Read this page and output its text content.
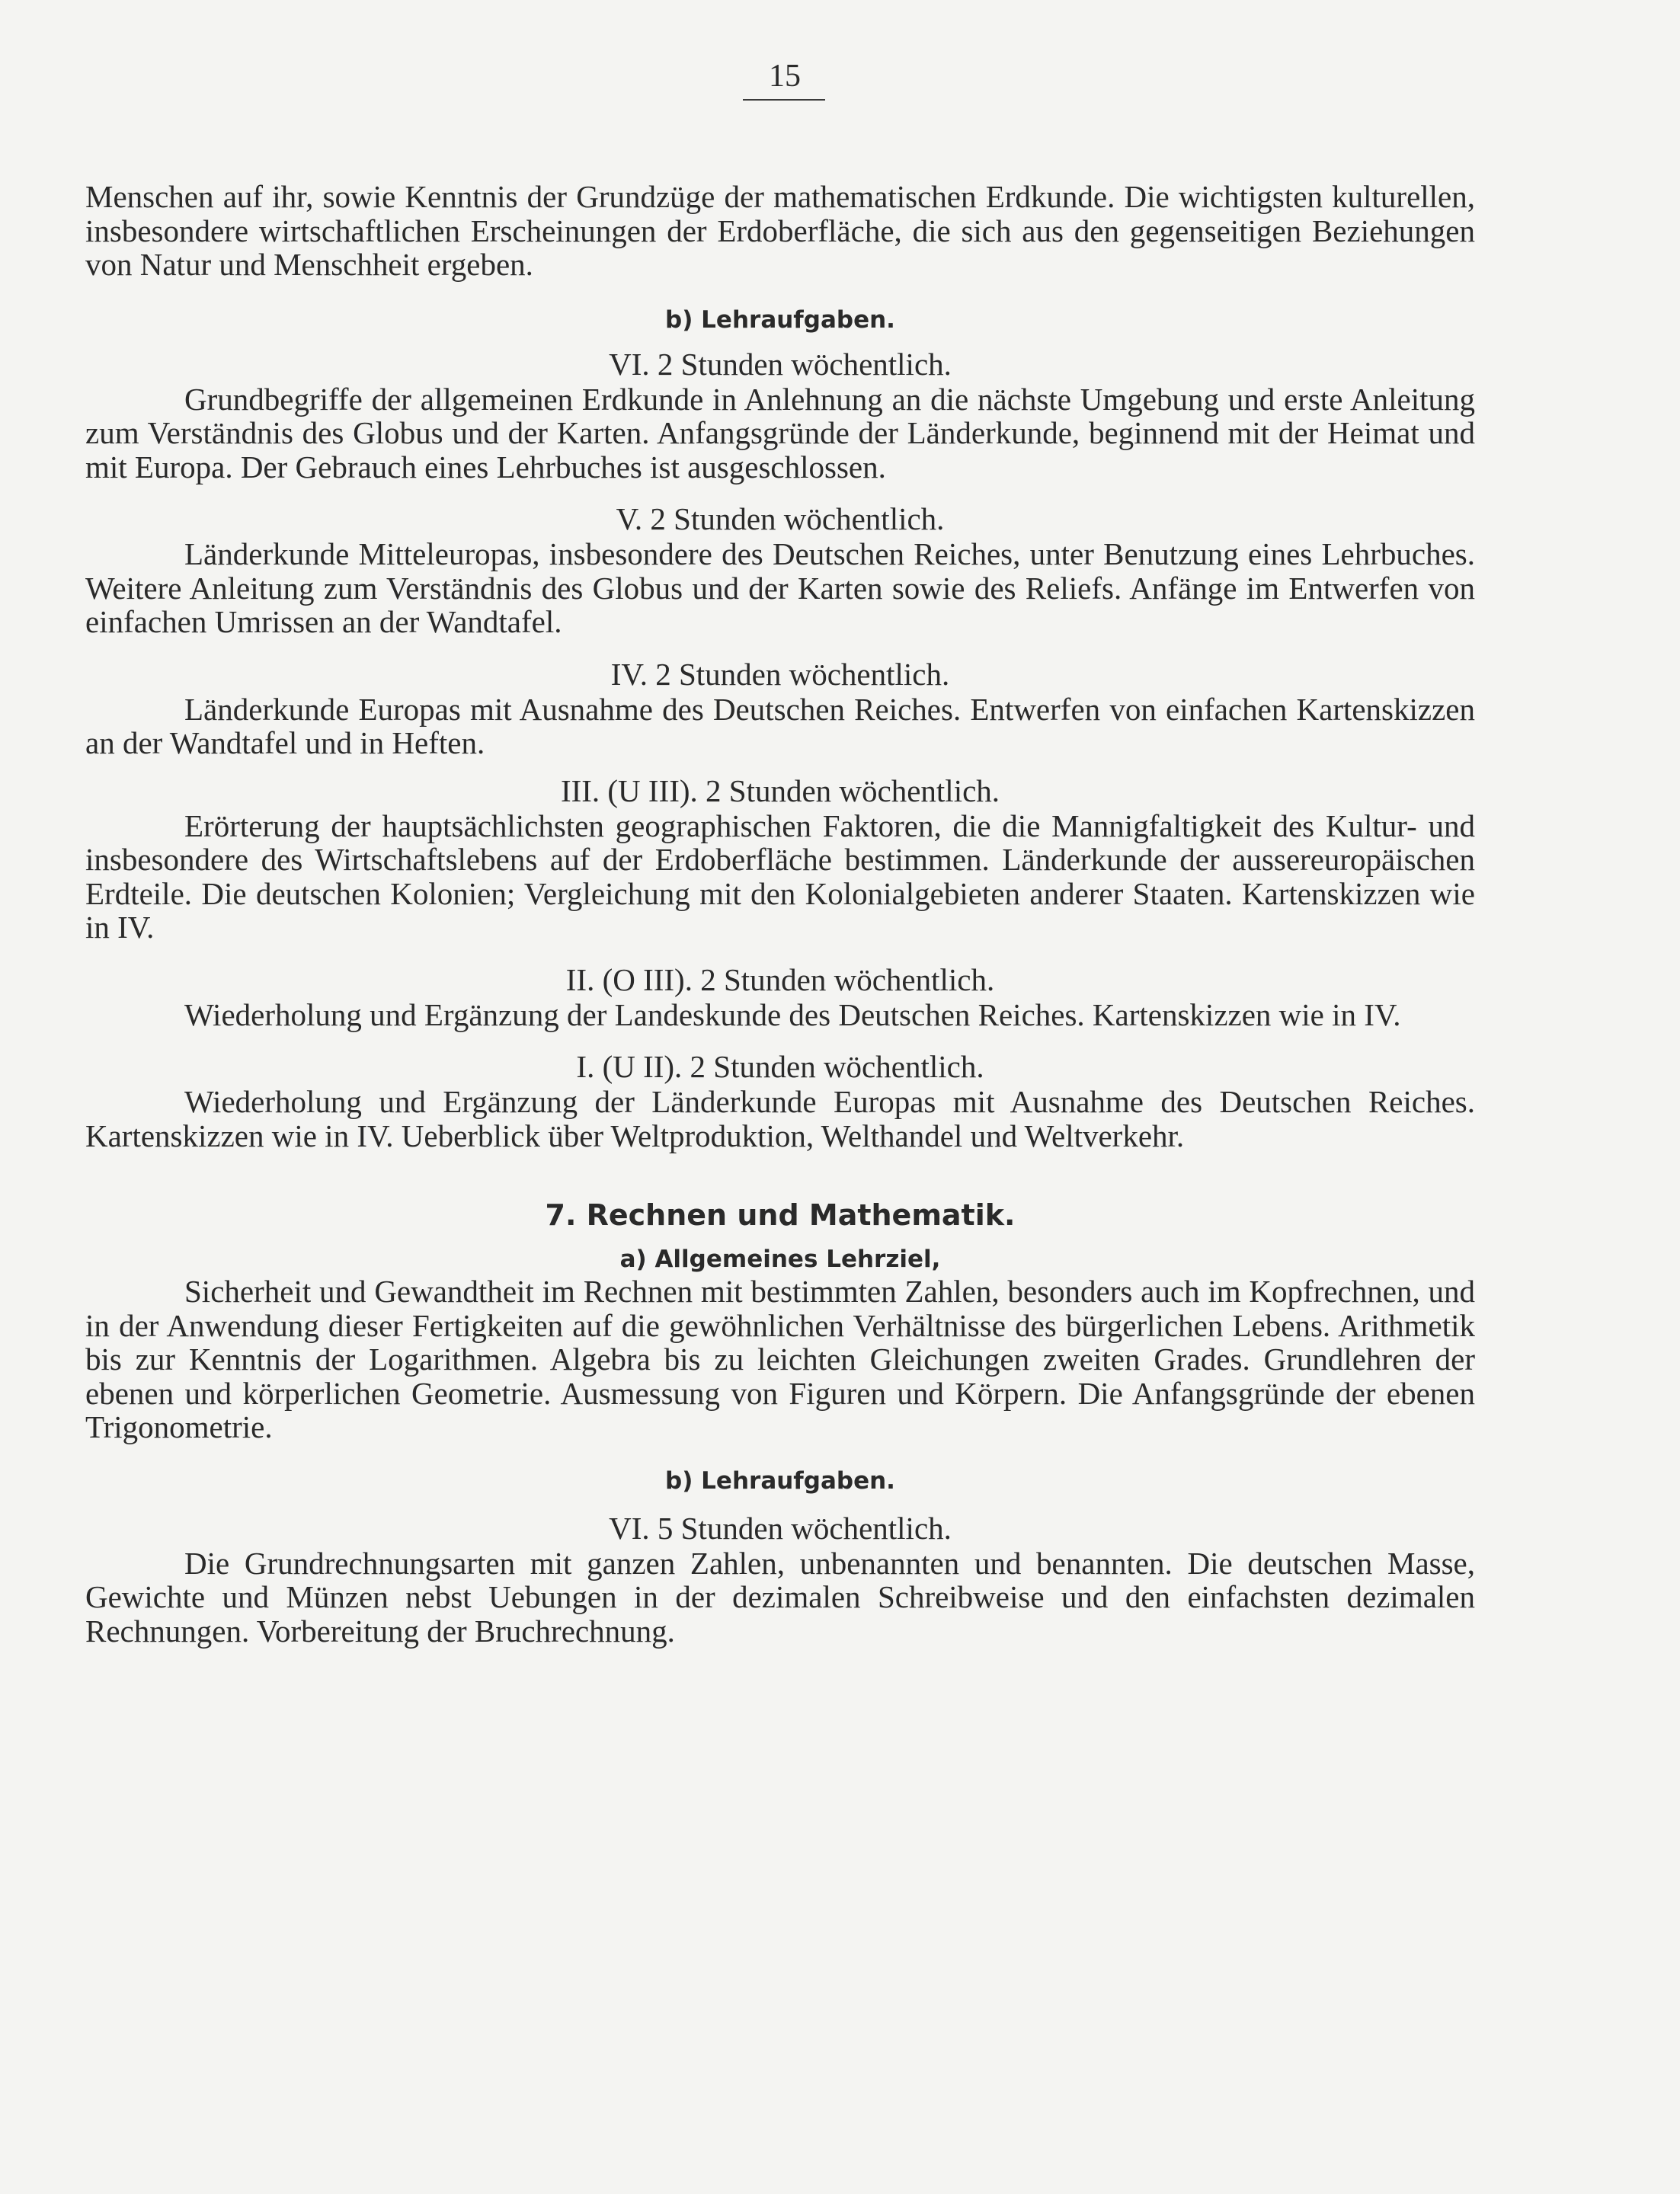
15

Menschen auf ihr, sowie Kenntnis der Grundzüge der mathematischen Erdkunde. Die wichtigsten kulturellen, insbesondere wirtschaftlichen Erscheinungen der Erdoberfläche, die sich aus den gegenseitigen Beziehungen von Natur und Menschheit ergeben.

b) Lehraufgaben.
VI. 2 Stunden wöchentlich.

Grundbegriffe der allgemeinen Erdkunde in Anlehnung an die nächste Umgebung und erste Anleitung zum Verständnis des Globus und der Karten. Anfangsgründe der Länderkunde, beginnend mit der Heimat und mit Europa. Der Gebrauch eines Lehrbuches ist ausgeschlossen.

V. 2 Stunden wöchentlich.

Länderkunde Mitteleuropas, insbesondere des Deutschen Reiches, unter Benutzung eines Lehrbuches. Weitere Anleitung zum Verständnis des Globus und der Karten sowie des Reliefs. Anfänge im Entwerfen von einfachen Umrissen an der Wandtafel.

IV. 2 Stunden wöchentlich.

Länderkunde Europas mit Ausnahme des Deutschen Reiches. Entwerfen von einfachen Kartenskizzen an der Wandtafel und in Heften.

III. (U III). 2 Stunden wöchentlich.

Erörterung der hauptsächlichsten geographischen Faktoren, die die Mannigfaltigkeit des Kultur- und insbesondere des Wirtschaftslebens auf der Erdoberfläche bestimmen. Länderkunde der aussereuropäischen Erdteile. Die deutschen Kolonien; Vergleichung mit den Kolonialgebieten anderer Staaten. Kartenskizzen wie in IV.

II. (O III). 2 Stunden wöchentlich.

Wiederholung und Ergänzung der Landeskunde des Deutschen Reiches. Kartenskizzen wie in IV.

I. (U II). 2 Stunden wöchentlich.

Wiederholung und Ergänzung der Länderkunde Europas mit Ausnahme des Deutschen Reiches. Kartenskizzen wie in IV. Ueberblick über Weltproduktion, Welthandel und Weltverkehr.

7. Rechnen und Mathematik.
a) Allgemeines Lehrziel,

Sicherheit und Gewandtheit im Rechnen mit bestimmten Zahlen, besonders auch im Kopfrechnen, und in der Anwendung dieser Fertigkeiten auf die gewöhnlichen Verhältnisse des bürgerlichen Lebens. Arithmetik bis zur Kenntnis der Logarithmen. Algebra bis zu leichten Gleichungen zweiten Grades. Grundlehren der ebenen und körperlichen Geometrie. Ausmessung von Figuren und Körpern. Die Anfangsgründe der ebenen Trigonometrie.

b) Lehraufgaben.
VI. 5 Stunden wöchentlich.

Die Grundrechnungsarten mit ganzen Zahlen, unbenannten und benannten. Die deutschen Masse, Gewichte und Münzen nebst Uebungen in der dezimalen Schreibweise und den einfachsten dezimalen Rechnungen. Vorbereitung der Bruchrechnung.
